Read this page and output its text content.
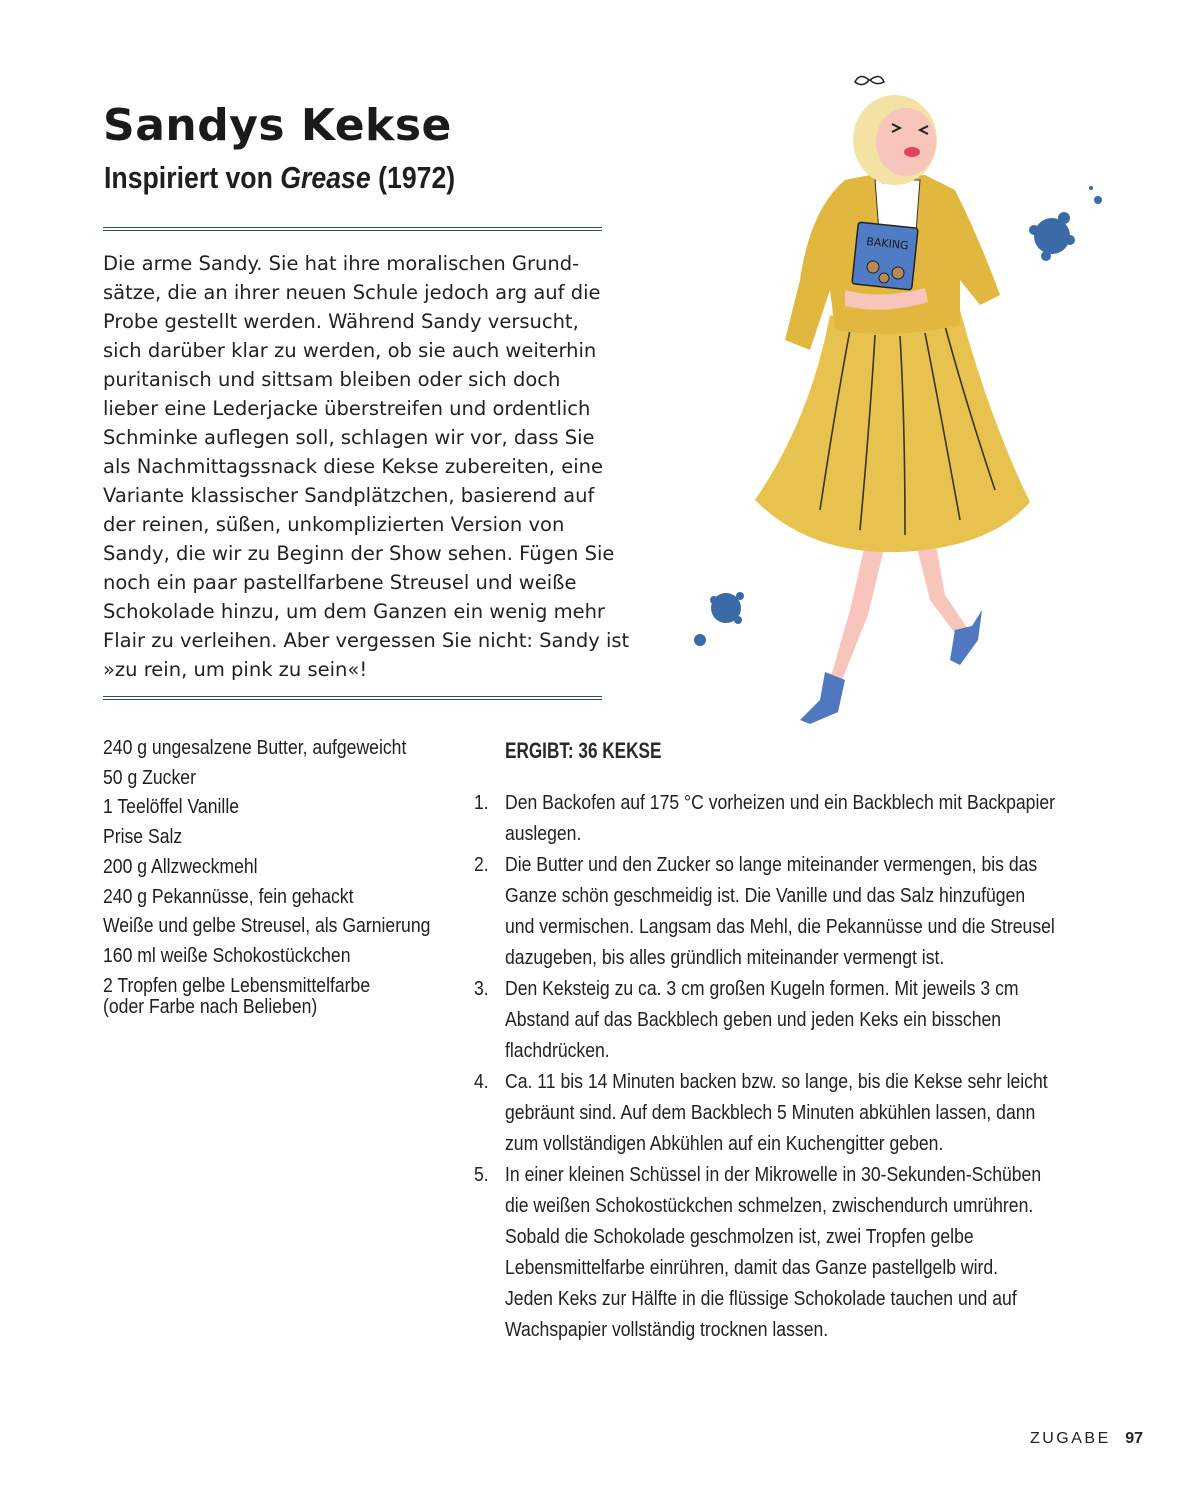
Sandys Kekse
Inspiriert von Grease (1972)

Die arme Sandy. Sie hat ihre moralischen Grund-
sätze, die an ihrer neuen Schule jedoch arg auf die
Probe gestellt werden. Während Sandy versucht,
sich darüber klar zu werden, ob sie auch weiterhin
puritanisch und sittsam bleiben oder sich doch
lieber eine Lederjacke überstreifen und ordentlich
Schminke auflegen soll, schlagen wir vor, dass Sie
als Nachmittagssnack diese Kekse zubereiten, eine
Variante klassischer Sandplätzchen, basierend auf
der reinen, süßen, unkomplizierten Version von
Sandy, die wir zu Beginn der Show sehen. Fügen Sie
noch ein paar pastellfarbene Streusel und weiße
Schokolade hinzu, um dem Ganzen ein wenig mehr
Flair zu verleihen. Aber vergessen Sie nicht: Sandy ist
»zu rein, um pink zu sein«!

240 g ungesalzene Butter, aufgeweicht
50 g Zucker
1 Teelöffel Vanille
Prise Salz
200 g Allzweckmehl
240 g Pekannüsse, fein gehackt
Weiße und gelbe Streusel, als Garnierung
160 ml weiße Schokostückchen
2 Tropfen gelbe Lebensmittelfarbe
(oder Farbe nach Belieben)
ERGIBT: 36 KEKSE
1. Den Backofen auf 175 °C vorheizen und ein Backblech mit Backpapier
auslegen.
2. Die Butter und den Zucker so lange miteinander vermengen, bis das
Ganze schön geschmeidig ist. Die Vanille und das Salz hinzufügen
und vermischen. Langsam das Mehl, die Pekannüsse und die Streusel
dazugeben, bis alles gründlich miteinander vermengt ist.
3. Den Keksteig zu ca. 3 cm großen Kugeln formen. Mit jeweils 3 cm
Abstand auf das Backblech geben und jeden Keks ein bisschen
flachdrücken.
4. Ca. 11 bis 14 Minuten backen bzw. so lange, bis die Kekse sehr leicht
gebräunt sind. Auf dem Backblech 5 Minuten abkühlen lassen, dann
zum vollständigen Abkühlen auf ein Kuchengitter geben.
5. In einer kleinen Schüssel in der Mikrowelle in 30-Sekunden-Schüben
die weißen Schokostückchen schmelzen, zwischendurch umrühren.
Sobald die Schokolade geschmolzen ist, zwei Tropfen gelbe
Lebensmittelfarbe einrühren, damit das Ganze pastellgelb wird.
Jeden Keks zur Hälfte in die flüssige Schokolade tauchen und auf
Wachspapier vollständig trocknen lassen.
BAKING
ZUGABE 97
